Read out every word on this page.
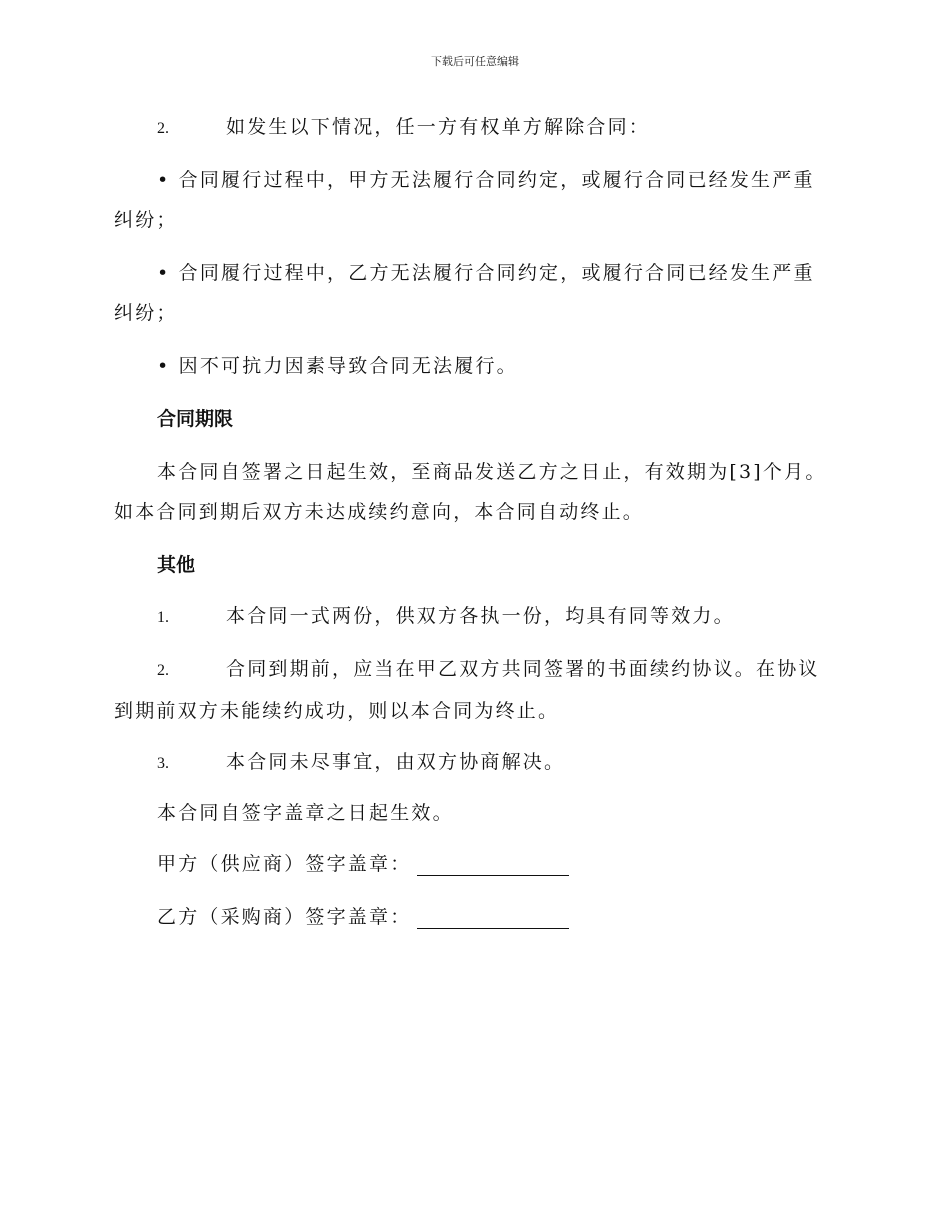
下载后可任意编辑
2.	如发生以下情况，任一方有权单方解除合同：
• 合同履行过程中，甲方无法履行合同约定，或履行合同已经发生严重
纠纷；
• 合同履行过程中，乙方无法履行合同约定，或履行合同已经发生严重
纠纷；
• 因不可抗力因素导致合同无法履行。
合同期限
本合同自签署之日起生效，至商品发送乙方之日止，有效期为[3]个月。
如本合同到期后双方未达成续约意向，本合同自动终止。
其他
1.	本合同一式两份，供双方各执一份，均具有同等效力。
2.	合同到期前，应当在甲乙双方共同签署的书面续约协议。在协议
到期前双方未能续约成功，则以本合同为终止。
3.	本合同未尽事宜，由双方协商解决。
本合同自签字盖章之日起生效。
甲方（供应商）签字盖章：
乙方（采购商）签字盖章：
